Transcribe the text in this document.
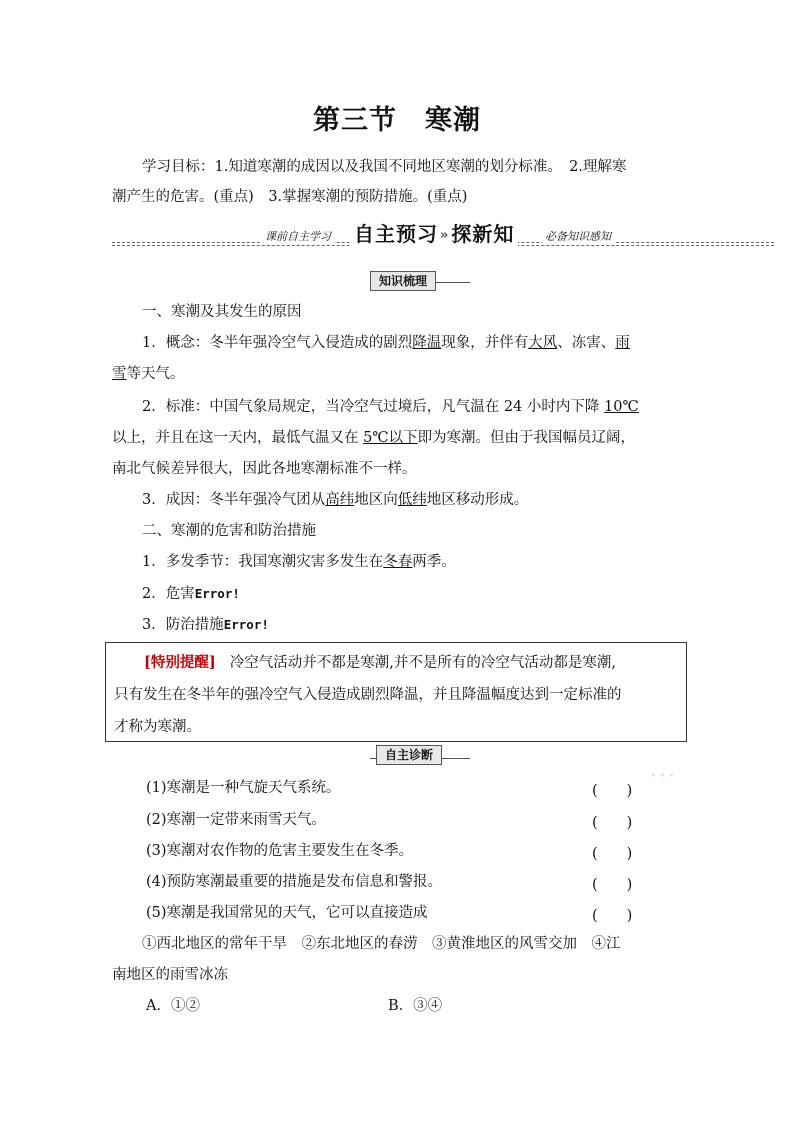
第三节 寒潮
学习目标：1.知道寒潮的成因以及我国不同地区寒潮的划分标准。　2.理解寒
潮产生的危害。(重点)　3.掌握寒潮的预防措施。(重点)
课前自主学习 自主预习 » 探新知	必备知识感知
知识梳理
一、寒潮及其发生的原因
1．概念：冬半年强冷空气入侵造成的剧烈降温现象，并伴有大风、冻害、雨
雪等天气。
2．标准：中国气象局规定，当冷空气过境后，凡气温在 24 小时内下降 10℃
以上，并且在这一天内，最低气温又在 5℃以下即为寒潮。但由于我国幅员辽阔，
南北气候差异很大，因此各地寒潮标准不一样。
3．成因：冬半年强冷气团从高纬地区向低纬地区移动形成。
二、寒潮的危害和防治措施
1．多发季节：我国寒潮灾害多发生在冬春两季。
2．危害Error!
3．防治措施Error!
[特别提醒] 冷空气活动并不都是寒潮,并不是所有的冷空气活动都是寒潮,
只有发生在冬半年的强冷空气入侵造成剧烈降温，并且降温幅度达到一定标准的
才称为寒潮。
自主诊断
···
(1)寒潮是一种气旋天气系统。	(　　)
(2)寒潮一定带来雨雪天气。	(　　)
(3)寒潮对农作物的危害主要发生在冬季。	(　　)
(4)预防寒潮最重要的措施是发布信息和警报。	(　　)
(5)寒潮是我国常见的天气，它可以直接造成	(　　)
①西北地区的常年干旱　②东北地区的春涝　③黄淮地区的风雪交加　④江
南地区的雨雪冰冻
A．①②	B．③④
